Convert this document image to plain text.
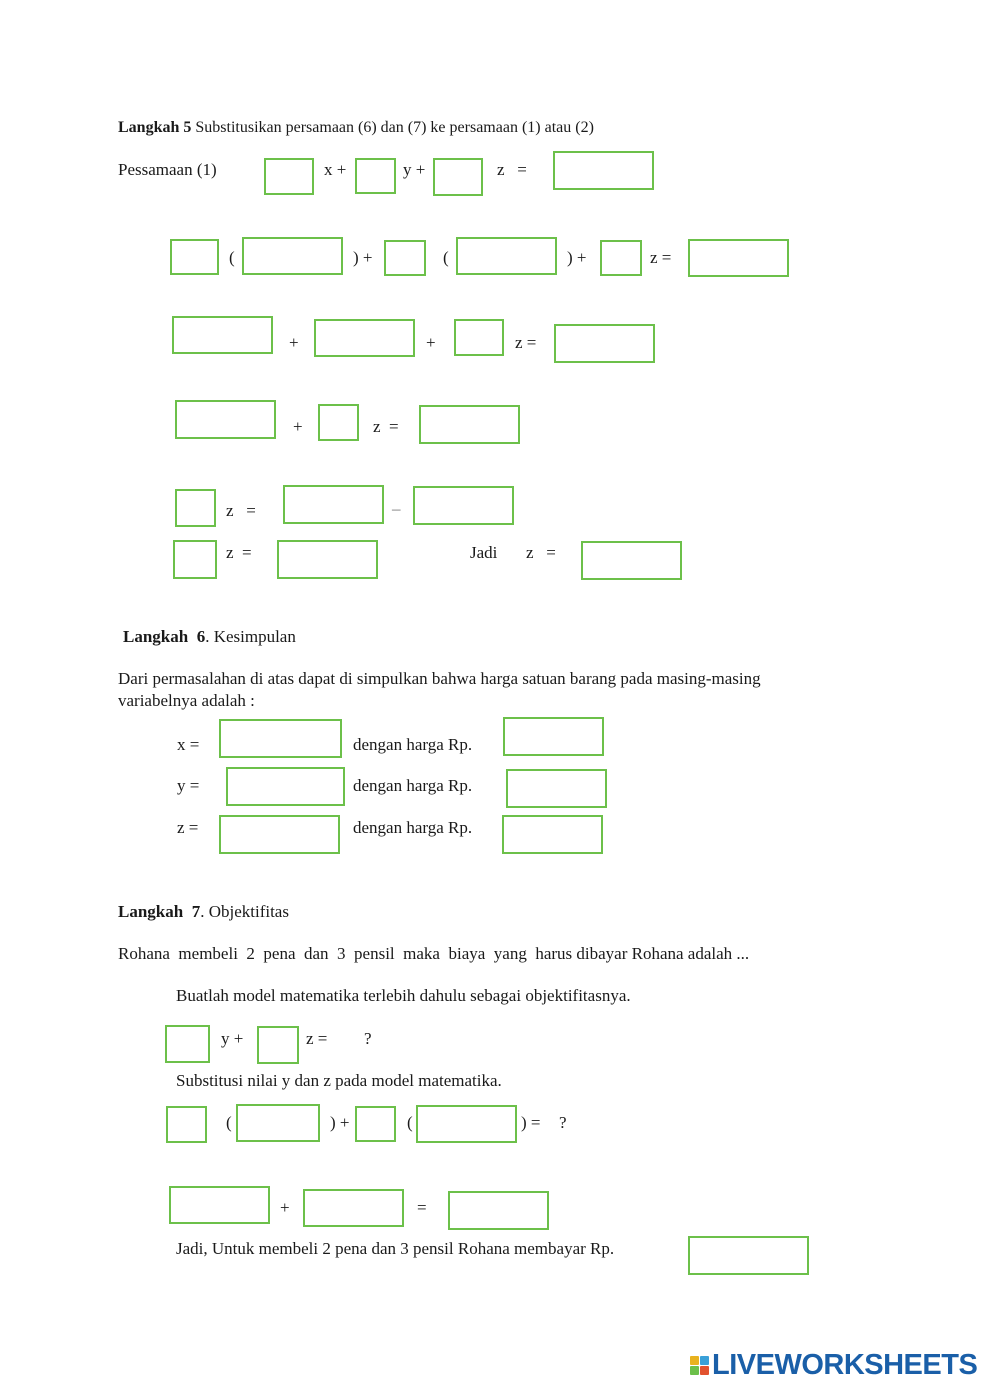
Langkah 5 Substitusikan persamaan (6) dan (7) ke persamaan (1) atau (2)
Pessamaan (1)	x +	y +	z   =
(	) +	(	) +	z =
+	+	z =
+	z  =
z   =	–
z  =	Jadi z   =
Langkah  6. Kesimpulan
Dari permasalahan di atas dapat di simpulkan bahwa harga satuan barang pada masing-masing
variabelnya adalah :
x =	dengan harga Rp.
y =	dengan harga Rp.
z =	dengan harga Rp.
Langkah  7. Objektifitas
Rohana  membeli  2  pena  dan  3  pensil  maka  biaya  yang  harus dibayar Rohana adalah ...
Buatlah model matematika terlebih dahulu sebagai objektifitasnya.
y +	z = ?
Substitusi nilai y dan z pada model matematika.
(	) +	(	) = ?
+	=
Jadi, Untuk membeli 2 pena dan 3 pensil Rohana membayar Rp.
LIVEWORKSHEETS
